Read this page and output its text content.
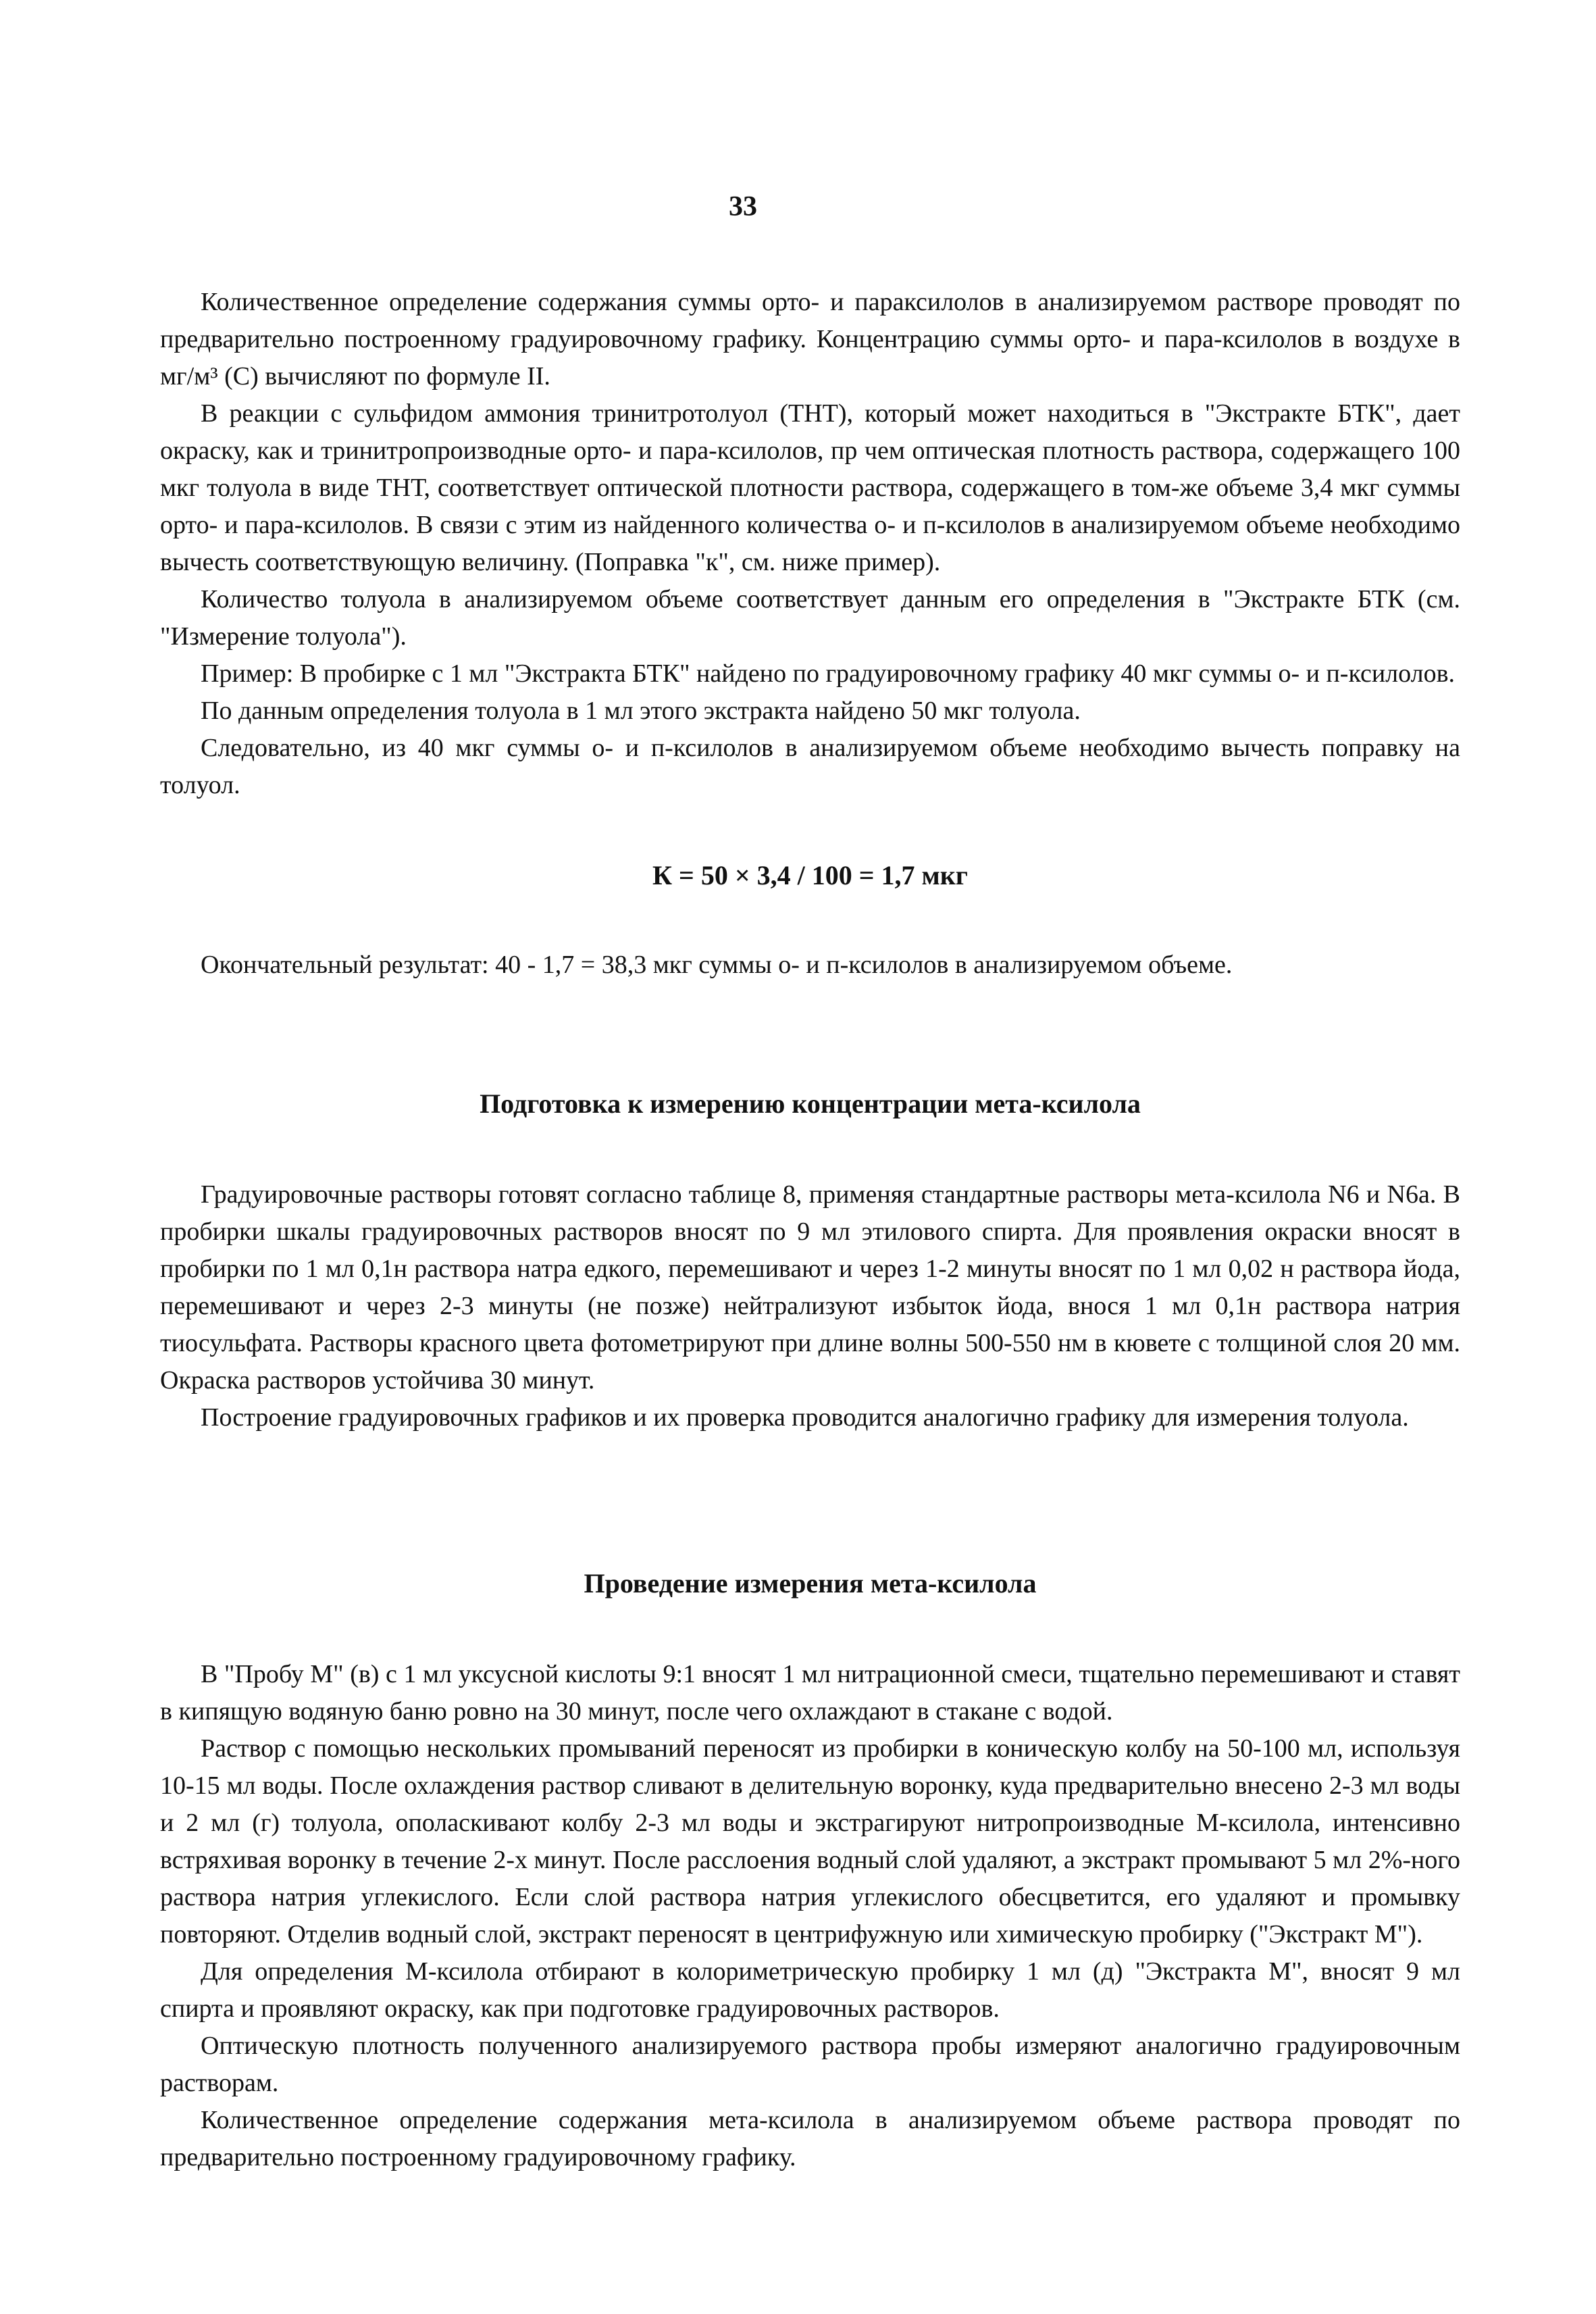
33

Количественное определение содержания суммы орто- и параксилолов в анализируемом растворе проводят по предварительно построенному градуировочному графику. Концентрацию суммы орто- и пара-ксилолов в воздухе в мг/м³ (С) вычисляют по формуле II.

В реакции с сульфидом аммония тринитротолуол (ТНТ), который может находиться в "Экстракте БТК", дает окраску, как и тринитропроизводные орто- и пара-ксилолов, пр чем оптическая плотность раствора, содержащего 100 мкг толуола в виде ТНТ, соответствует оптической плотности раствора, содержащего в том-же объеме 3,4 мкг суммы орто- и пара-ксилолов. В связи с этим из найденного количества о- и п-ксилолов в анализируемом объеме необходимо вычесть соответствующую величину. (Поправка "к", см. ниже пример).

Количество толуола в анализируемом объеме соответствует данным его определения в "Экстракте БТК (см. "Измерение толуола").

Пример: В пробирке с 1 мл "Экстракта БТК" найдено по градуировочному графику 40 мкг суммы о- и п-ксилолов.

По данным определения толуола в 1 мл этого экстракта найдено 50 мкг толуола.

Следовательно, из 40 мкг суммы о- и п-ксилолов в анализируемом объеме необходимо вычесть поправку на толуол.

К = 50 × 3,4 / 100 = 1,7 мкг

Окончательный результат: 40 - 1,7 = 38,3 мкг суммы о- и п-ксилолов в анализируемом объеме.

Подготовка к измерению концентрации мета-ксилола

Градуировочные растворы готовят согласно таблице 8, применяя стандартные растворы мета-ксилола N6 и N6а. В пробирки шкалы градуировочных растворов вносят по 9 мл этилового спирта. Для проявления окраски вносят в пробирки по 1 мл 0,1н раствора натра едкого, перемешивают и через 1-2 минуты вносят по 1 мл 0,02 н раствора йода, перемешивают и через 2-3 минуты (не позже) нейтрализуют избыток йода, внося 1 мл 0,1н раствора натрия тиосульфата. Растворы красного цвета фотометрируют при длине волны 500-550 нм в кювете с толщиной слоя 20 мм. Окраска растворов устойчива 30 минут.

Построение градуировочных графиков и их проверка проводится аналогично графику для измерения толуола.

Проведение измерения мета-ксилола

В "Пробу М" (в) с 1 мл уксусной кислоты 9:1 вносят 1 мл нитрационной смеси, тщательно перемешивают и ставят в кипящую водяную баню ровно на 30 минут, после чего охлаждают в стакане с водой.

Раствор с помощью нескольких промываний переносят из пробирки в коническую колбу на 50-100 мл, используя 10-15 мл воды. После охлаждения раствор сливают в делительную воронку, куда предварительно внесено 2-3 мл воды и 2 мл (г) толуола, ополаскивают колбу 2-3 мл воды и экстрагируют нитропроизводные М-ксилола, интенсивно встряхивая воронку в течение 2-х минут. После расслоения водный слой удаляют, а экстракт промывают 5 мл 2%-ного раствора натрия углекислого. Если слой раствора натрия углекислого обесцветится, его удаляют и промывку повторяют. Отделив водный слой, экстракт переносят в центрифужную или химическую пробирку ("Экстракт М").

Для определения М-ксилола отбирают в колориметрическую пробирку 1 мл (д) "Экстракта М", вносят 9 мл спирта и проявляют окраску, как при подготовке градуировочных растворов.

Оптическую плотность полученного анализируемого раствора пробы измеряют аналогично градуировочным растворам.

Количественное определение содержания мета-ксилола в анализируемом объеме раствора проводят по предварительно построенному градуировочному графику.
